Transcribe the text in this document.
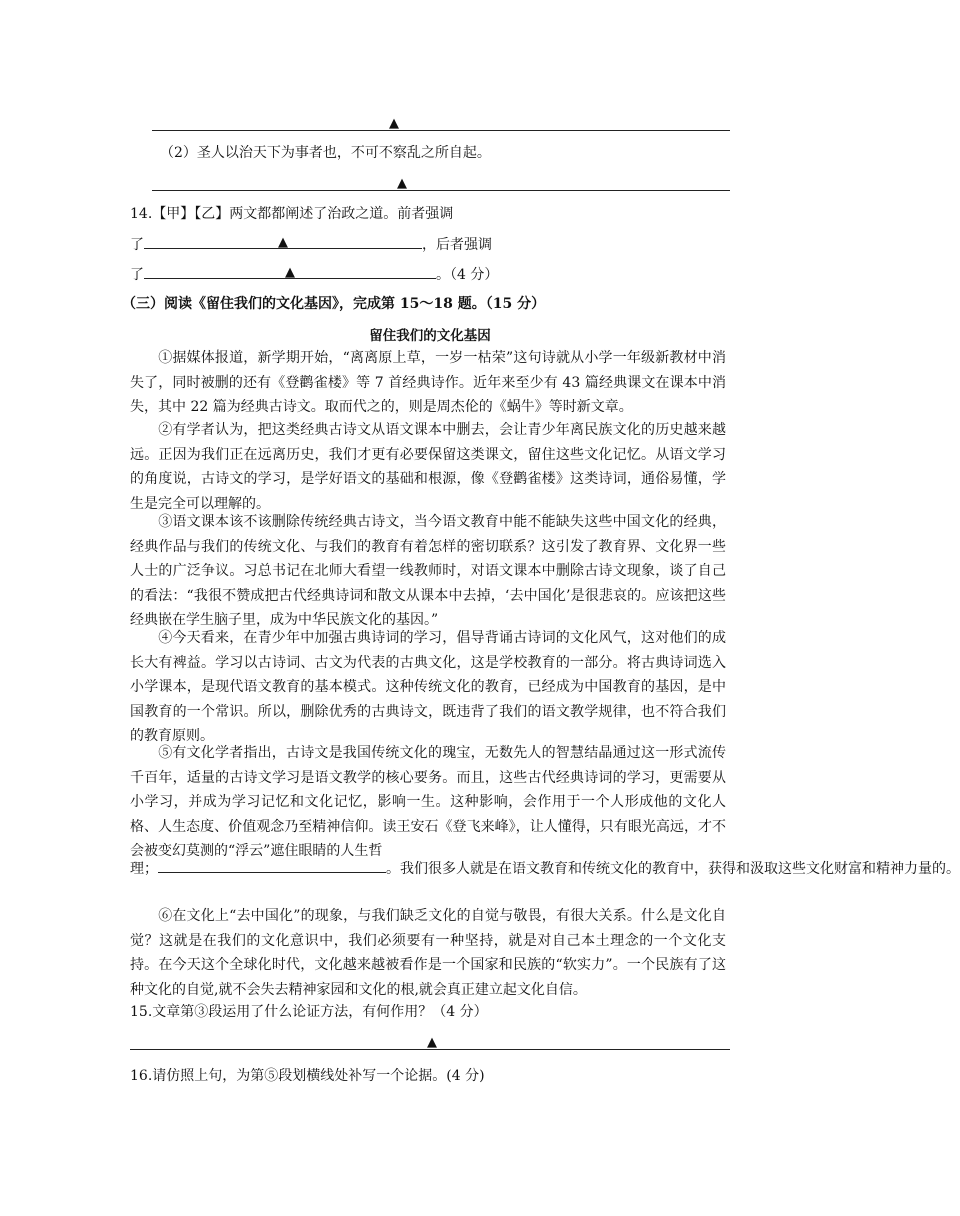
▲
（2）圣人以治天下为事者也，不可不察乱之所自起。
▲
14.【甲】【乙】两文都都阐述了治政之道。前者强调
了	▲	，后者强调
了	▲	。（4 分）
（三）阅读《留住我们的文化基因》，完成第 15～18 题。（15 分）
留住我们的文化基因
①据媒体报道，新学期开始，“离离原上草，一岁一枯荣”这句诗就从小学一年级新教材中消失了，同时被删的还有《登鹳雀楼》等 7 首经典诗作。近年来至少有 43 篇经典课文在课本中消失，其中 22 篇为经典古诗文。取而代之的，则是周杰伦的《蜗牛》等时新文章。
②有学者认为，把这类经典古诗文从语文课本中删去，会让青少年离民族文化的历史越来越远。正因为我们正在远离历史，我们才更有必要保留这类课文，留住这些文化记忆。从语文学习的角度说，古诗文的学习，是学好语文的基础和根源，像《登鹳雀楼》这类诗词，通俗易懂，学生是完全可以理解的。
③语文课本该不该删除传统经典古诗文，当今语文教育中能不能缺失这些中国文化的经典，经典作品与我们的传统文化、与我们的教育有着怎样的密切联系？这引发了教育界、文化界一些人士的广泛争议。习总书记在北师大看望一线教师时，对语文课本中删除古诗文现象，谈了自己的看法：“我很不赞成把古代经典诗词和散文从课本中去掉，‘去中国化’是很悲哀的。应该把这些经典嵌在学生脑子里，成为中华民族文化的基因。”
④今天看来，在青少年中加强古典诗词的学习，倡导背诵古诗词的文化风气，这对他们的成长大有裨益。学习以古诗词、古文为代表的古典文化，这是学校教育的一部分。将古典诗词选入小学课本，是现代语文教育的基本模式。这种传统文化的教育，已经成为中国教育的基因，是中国教育的一个常识。所以，删除优秀的古典诗文，既违背了我们的语文教学规律，也不符合我们的教育原则。
⑤有文化学者指出，古诗文是我国传统文化的瑰宝，无数先人的智慧结晶通过这一形式流传千百年，适量的古诗文学习是语文教学的核心要务。而且，这些古代经典诗词的学习，更需要从小学习，并成为学习记忆和文化记忆，影响一生。这种影响，会作用于一个人形成他的文化人格、人生态度、价值观念乃至精神信仰。读王安石《登飞来峰》，让人懂得，只有眼光高远，才不会被变幻莫测的“浮云”遮住眼睛的人生哲
理；	。我们很多人就是在语文教育和传统文化的教育中，获得和汲取这些文化财富和精神力量的。
⑥在文化上“去中国化”的现象，与我们缺乏文化的自觉与敬畏，有很大关系。什么是文化自觉？这就是在我们的文化意识中，我们必须要有一种坚持，就是对自己本土理念的一个文化支持。在今天这个全球化时代，文化越来越被看作是一个国家和民族的“软实力”。一个民族有了这种文化的自觉,就不会失去精神家园和文化的根,就会真正建立起文化自信。
15.文章第③段运用了什么论证方法，有何作用？（4 分）
▲
16.请仿照上句，为第⑤段划横线处补写一个论据。(4 分)
